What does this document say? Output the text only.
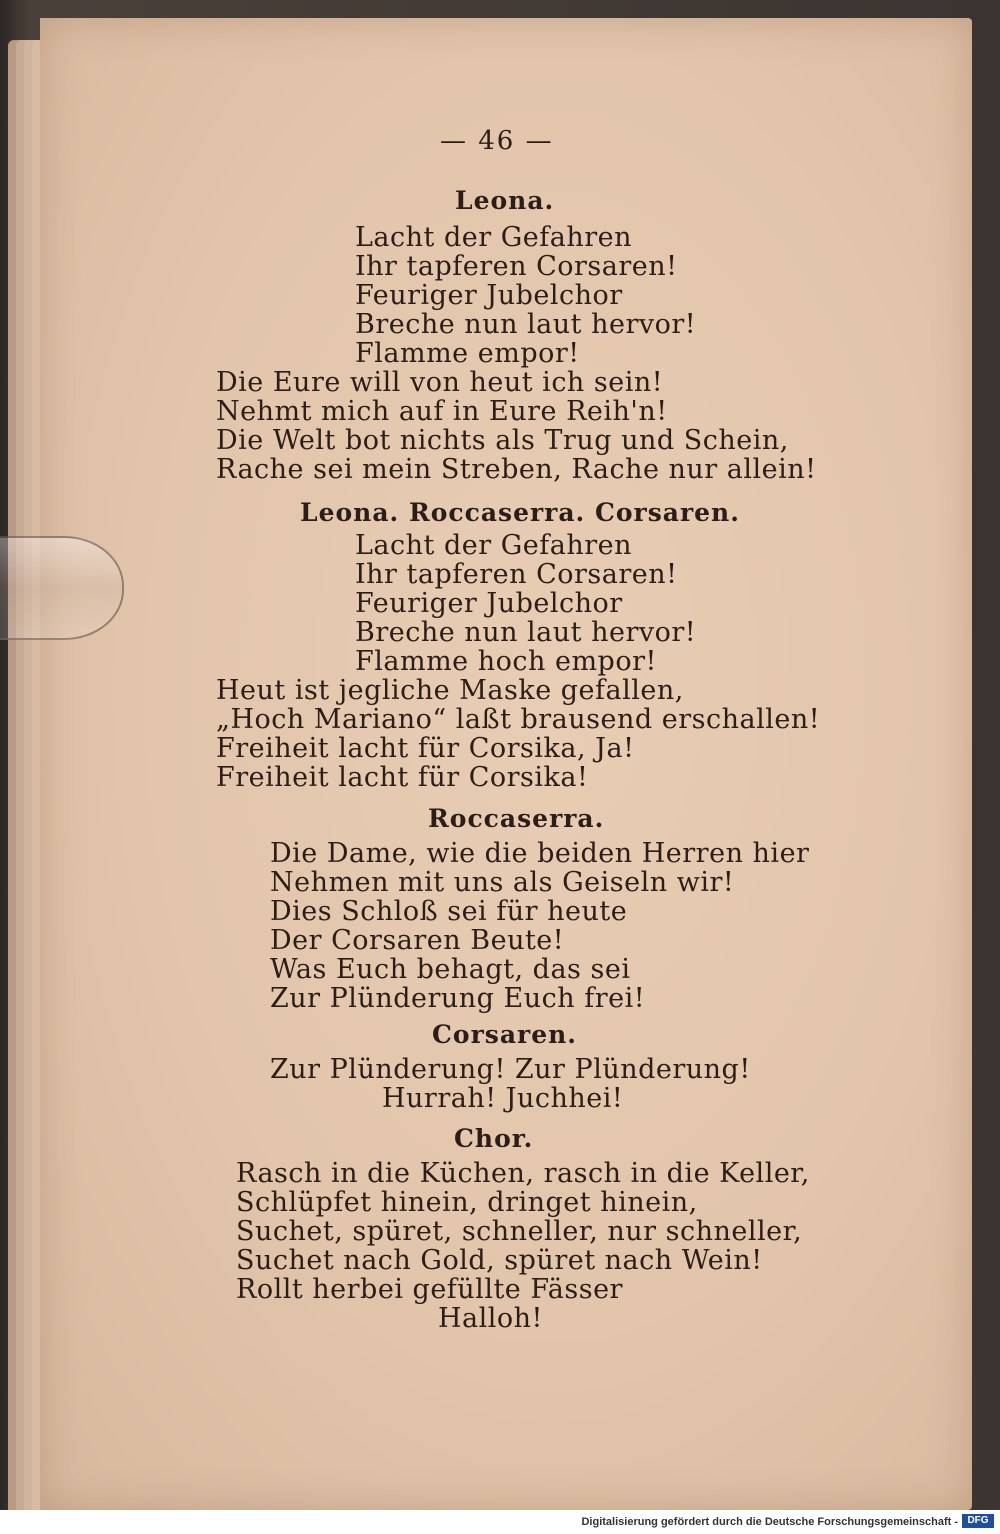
— 46 —
Leona.
Lacht der Gefahren
Ihr tapferen Corsaren!
Feuriger Jubelchor
Breche nun laut hervor!
Flamme empor!
Die Eure will von heut ich sein!
Nehmt mich auf in Eure Reih'n!
Die Welt bot nichts als Trug und Schein,
Rache sei mein Streben, Rache nur allein!
Leona. Roccaserra. Corsaren.
Lacht der Gefahren
Ihr tapferen Corsaren!
Feuriger Jubelchor
Breche nun laut hervor!
Flamme hoch empor!
Heut ist jegliche Maske gefallen,
„Hoch Mariano“ laßt brausend erschallen!
Freiheit lacht für Corsika, Ja!
Freiheit lacht für Corsika!
Roccaserra.
Die Dame, wie die beiden Herren hier
Nehmen mit uns als Geiseln wir!
Dies Schloß sei für heute
Der Corsaren Beute!
Was Euch behagt, das sei
Zur Plünderung Euch frei!
Corsaren.
Zur Plünderung! Zur Plünderung!
Hurrah! Juchhei!
Chor.
Rasch in die Küchen, rasch in die Keller,
Schlüpfet hinein, dringet hinein,
Suchet, spüret, schneller, nur schneller,
Suchet nach Gold, spüret nach Wein!
Rollt herbei gefüllte Fässer
Halloh!
Digitalisierung gefördert durch die Deutsche Forschungsgemeinschaft - DFG
